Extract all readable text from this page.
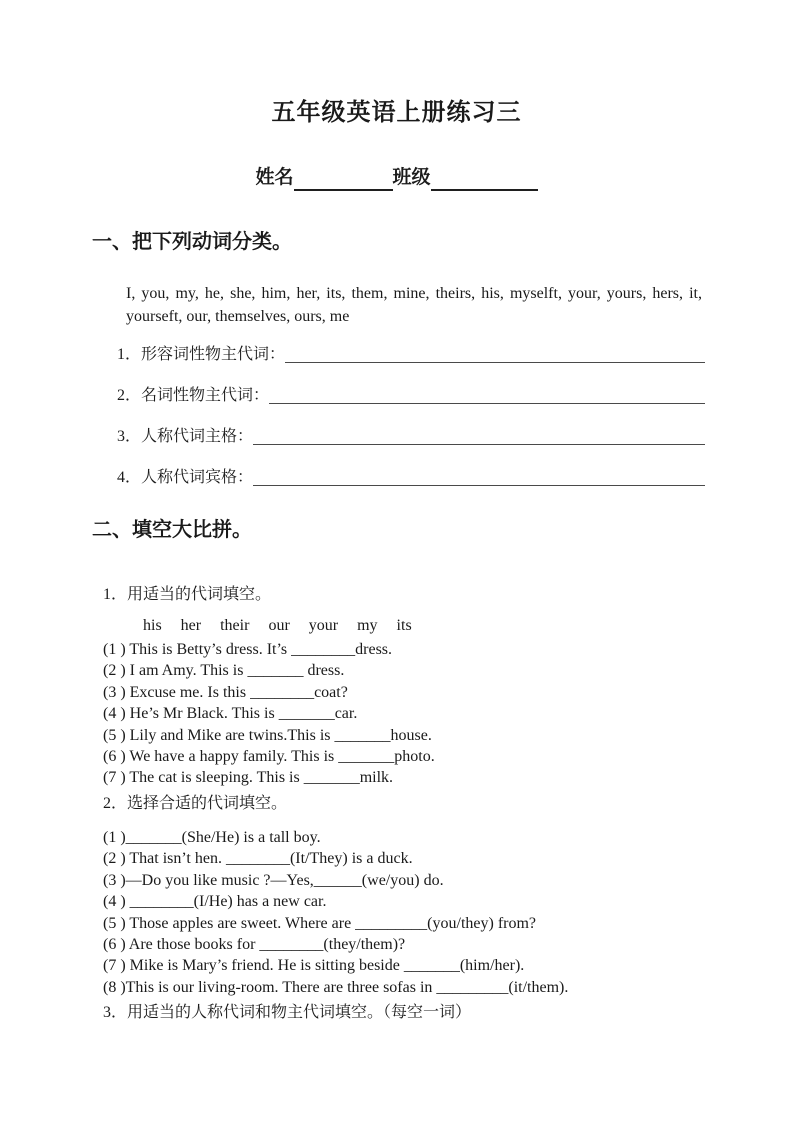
五年级英语上册练习三
姓名	班级
一、把下列动词分类。
I, you, my, he, she, him, her, its, them, mine, theirs, his, myselft, your, yours, hers, it, yourseft, our, themselves, ours, me
1．形容词性物主代词：
2．名词性物主代词：
3．人称代词主格：
4．人称代词宾格：
二、填空大比拼。
1．用适当的代词填空。
his her their our your my its
(1 ) This is Betty’s dress. It’s ________dress.
(2 ) I am Amy. This is _______ dress.
(3 ) Excuse me. Is this ________coat?
(4 ) He’s Mr Black. This is _______car.
(5 ) Lily and Mike are twins.This is _______house.
(6 ) We have a happy family. This is _______photo.
(7 ) The cat is sleeping. This is _______milk.
2．选择合适的代词填空。
(1 )_______(She/He) is a tall boy.
(2 ) That isn’t hen. ________(It/They) is a duck.
(3 )—Do you like music ?—Yes,______(we/you) do.
(4 ) ________(I/He) has a new car.
(5 ) Those apples are sweet. Where are _________(you/they) from?
(6 ) Are those books for ________(they/them)?
(7 ) Mike is Mary’s friend. He is sitting beside _______(him/her).
(8 )This is our living-room. There are three sofas in _________(it/them).
3．用适当的人称代词和物主代词填空。（每空一词）
